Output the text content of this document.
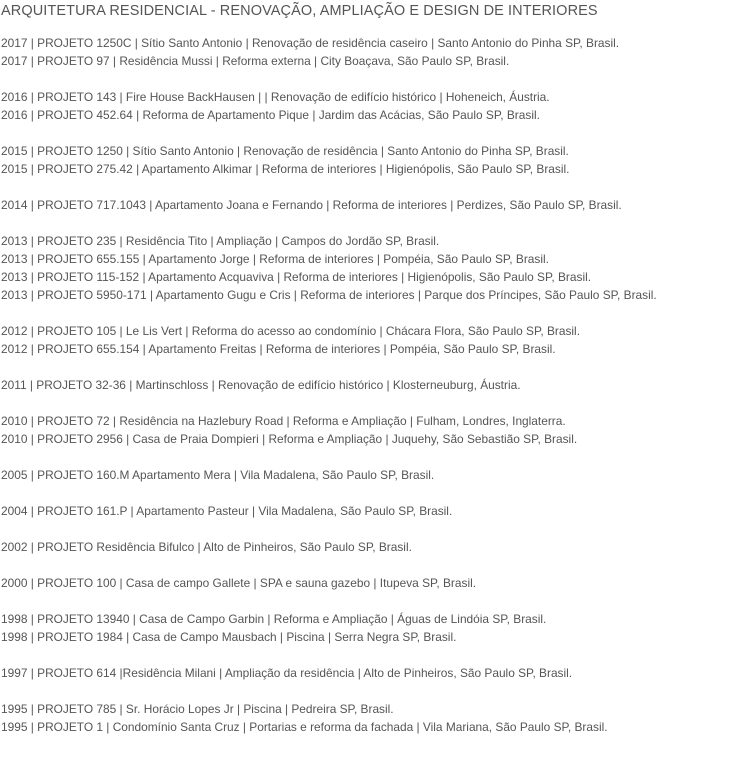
ARQUITETURA RESIDENCIAL - RENOVAÇÃO, AMPLIAÇÃO E DESIGN DE INTERIORES

2017 | PROJETO 1250C | Sítio Santo Antonio | Renovação de residência caseiro | Santo Antonio do Pinha SP, Brasil.

2017 | PROJETO 97 | Residência Mussi | Reforma externa | City Boaçava, São Paulo SP, Brasil.

2016 | PROJETO 143 | Fire House BackHausen | | Renovação de edifício histórico | Hoheneich, Áustria.

2016 | PROJETO 452.64 | Reforma de Apartamento Pique | Jardim das Acácias, São Paulo SP, Brasil.

2015 | PROJETO 1250 | Sítio Santo Antonio | Renovação de residência | Santo Antonio do Pinha SP, Brasil.

2015 | PROJETO 275.42 | Apartamento Alkimar | Reforma de interiores | Higienópolis, São Paulo SP, Brasil.

2014 | PROJETO 717.1043 | Apartamento Joana e Fernando | Reforma de interiores | Perdizes, São Paulo SP, Brasil.

2013 | PROJETO 235 | Residência Tito | Ampliação | Campos do Jordão SP, Brasil.

2013 | PROJETO 655.155 | Apartamento Jorge | Reforma de interiores | Pompéia, São Paulo SP, Brasil.

2013 | PROJETO 115-152 | Apartamento Acquaviva | Reforma de interiores | Higienópolis, São Paulo SP, Brasil.

2013 | PROJETO 5950-171 | Apartamento Gugu e Cris | Reforma de interiores | Parque dos Príncipes, São Paulo SP, Brasil.

2012 | PROJETO 105 | Le Lis Vert | Reforma do acesso ao condomínio | Chácara Flora, São Paulo SP, Brasil.

2012 | PROJETO 655.154 | Apartamento Freitas | Reforma de interiores | Pompéia, São Paulo SP, Brasil.

2011 | PROJETO 32-36 | Martinschloss | Renovação de edifício histórico | Klosterneuburg, Áustria.

2010 | PROJETO 72 | Residência na Hazlebury Road | Reforma e Ampliação | Fulham, Londres, Inglaterra.

2010 | PROJETO 2956 | Casa de Praia Dompieri | Reforma e Ampliação | Juquehy, São Sebastião SP, Brasil.

2005 | PROJETO 160.M Apartamento Mera | Vila Madalena, São Paulo SP, Brasil.

2004 | PROJETO 161.P | Apartamento Pasteur | Vila Madalena, São Paulo SP, Brasil.

2002 | PROJETO Residência Bifulco | Alto de Pinheiros, São Paulo SP, Brasil.

2000 | PROJETO 100 | Casa de campo Gallete | SPA e sauna gazebo | Itupeva SP, Brasil.

1998 | PROJETO 13940 | Casa de Campo Garbin | Reforma e Ampliação | Águas de Lindóia SP, Brasil.

1998 | PROJETO 1984 | Casa de Campo Mausbach | Piscina | Serra Negra SP, Brasil.

1997 | PROJETO 614 |Residência Milani | Ampliação da residência | Alto de Pinheiros, São Paulo SP, Brasil.

1995 | PROJETO 785 | Sr. Horácio Lopes Jr | Piscina | Pedreira SP, Brasil.

1995 | PROJETO 1 | Condomínio Santa Cruz | Portarias e reforma da fachada | Vila Mariana, São Paulo SP, Brasil.
